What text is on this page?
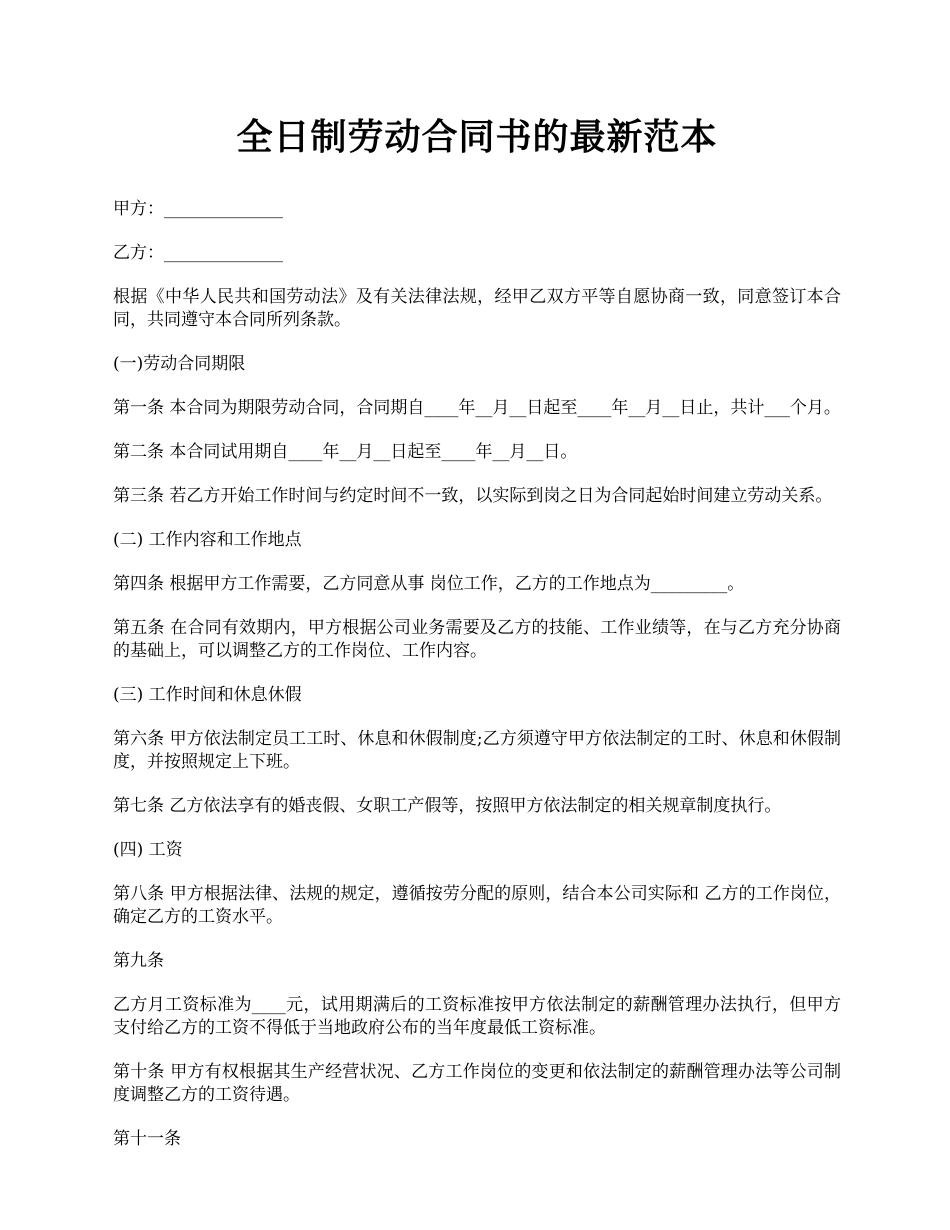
全日制劳动合同书的最新范本

甲方：______________

乙方：______________

根据《中华人民共和国劳动法》及有关法律法规，经甲乙双方平等自愿协商一致，同意签订本合同，共同遵守本合同所列条款。

(一)劳动合同期限

第一条 本合同为期限劳动合同，合同期自____年__月__日起至____年__月__日止，共计___个月。

第二条 本合同试用期自____年__月__日起至____年__月__日。

第三条 若乙方开始工作时间与约定时间不一致，以实际到岗之日为合同起始时间建立劳动关系。

(二) 工作内容和工作地点

第四条 根据甲方工作需要，乙方同意从事 岗位工作，乙方的工作地点为_________。

第五条 在合同有效期内，甲方根据公司业务需要及乙方的技能、工作业绩等，在与乙方充分协商的基础上，可以调整乙方的工作岗位、工作内容。

(三) 工作时间和休息休假

第六条 甲方依法制定员工工时、休息和休假制度;乙方须遵守甲方依法制定的工时、休息和休假制度，并按照规定上下班。

第七条 乙方依法享有的婚丧假、女职工产假等，按照甲方依法制定的相关规章制度执行。

(四) 工资

第八条 甲方根据法律、法规的规定，遵循按劳分配的原则，结合本公司实际和 乙方的工作岗位，确定乙方的工资水平。

第九条

乙方月工资标准为____元，试用期满后的工资标准按甲方依法制定的薪酬管理办法执行，但甲方支付给乙方的工资不得低于当地政府公布的当年度最低工资标准。

第十条 甲方有权根据其生产经营状况、乙方工作岗位的变更和依法制定的薪酬管理办法等公司制度调整乙方的工资待遇。

第十一条
